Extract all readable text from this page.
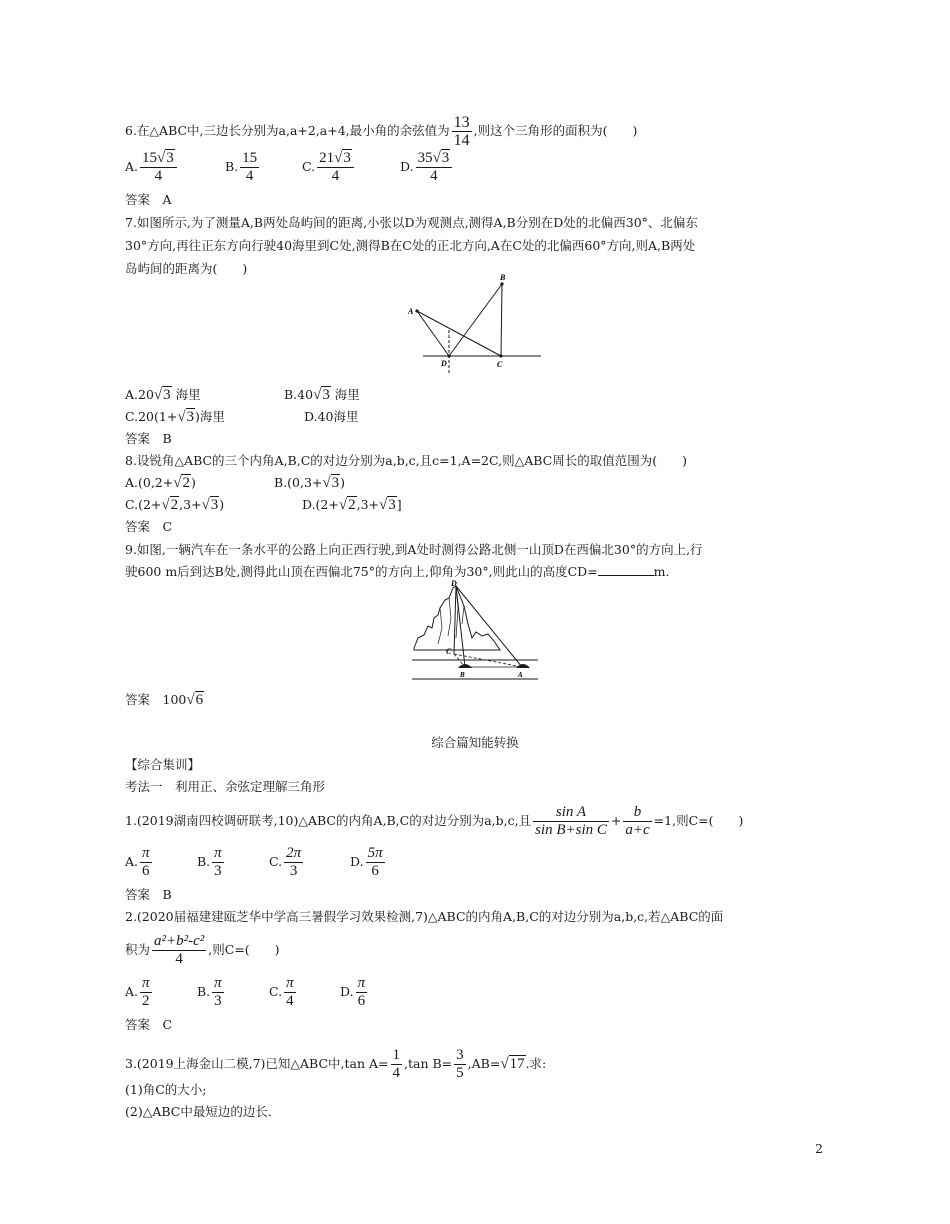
6.在△ABC中,三边长分别为a,a+2,a+4,最小角的余弦值为 $\frac{13}{14}$ ,则这个三角形的面积为(　　)
A. $\frac{15√3}{4}$	B. $\frac{15}{4}$	C. $\frac{21√3}{4}$	D. $\frac{35√3}{4}$
答案　A
7.如图所示,为了测量A,B两处岛屿间的距离,小张以D为观测点,测得A,B分别在D处的北偏西30°、北偏东
30°方向,再往正东方向行驶40海里到C处,测得B在C处的正北方向,A在C处的北偏西60°方向,则A,B两处
岛屿间的距离为(　　)
A
B
D	C
A.20√3 海里	B.40√3 海里
C.20(1+√3)海里	D.40海里
答案　B
8.设锐角△ABC的三个内角A,B,C的对边分别为a,b,c,且c=1,A=2C,则△ABC周长的取值范围为(　　)
A.(0,2+√2)	B.(0,3+√3)
C.(2+√2,3+√3)	D.(2+√2,3+√3]
答案　C
9.如图,一辆汽车在一条水平的公路上向正西行驶,到A处时测得公路北侧一山顶D在西偏北30°的方向上,行
驶600 m后到达B处,测得此山顶在西偏北75°的方向上,仰角为30°,则此山的高度CD=	m.
D
C
B	A
答案　100√6
综合篇知能转换
【综合集训】
考法一　利用正、余弦定理解三角形
1.(2019湖南四校调研联考,10)△ABC的内角A,B,C的对边分别为a,b,c,且 $\frac{\text{sin A}}{\text{sin B+sin C}} + \frac{b}{a+c} =1$,则C=(　　)
A. $\frac{\pi}{6}$	B. $\frac{\pi}{3}$	C. $\frac{2\pi}{3}$	D. $\frac{5\pi}{6}$
答案　B
2.(2020届福建建瓯芝华中学高三暑假学习效果检测,7)△ABC的内角A,B,C的对边分别为a,b,c,若△ABC的面
积为 $\frac{\text{a²+b²-c²}}{4}$ ,则C=(　　)
A. $\frac{\pi}{2}$	B. $\frac{\pi}{3}$	C. $\frac{\pi}{4}$	D. $\frac{\pi}{6}$
答案　C
3.(2019上海金山二模,7)已知△ABC中,tan $A= \frac{1}{4} ,\tan$ $B= \frac{3}{5} ,AB=√17$.求:
(1)角C的大小;
(2)△ABC中最短边的边长.
2
